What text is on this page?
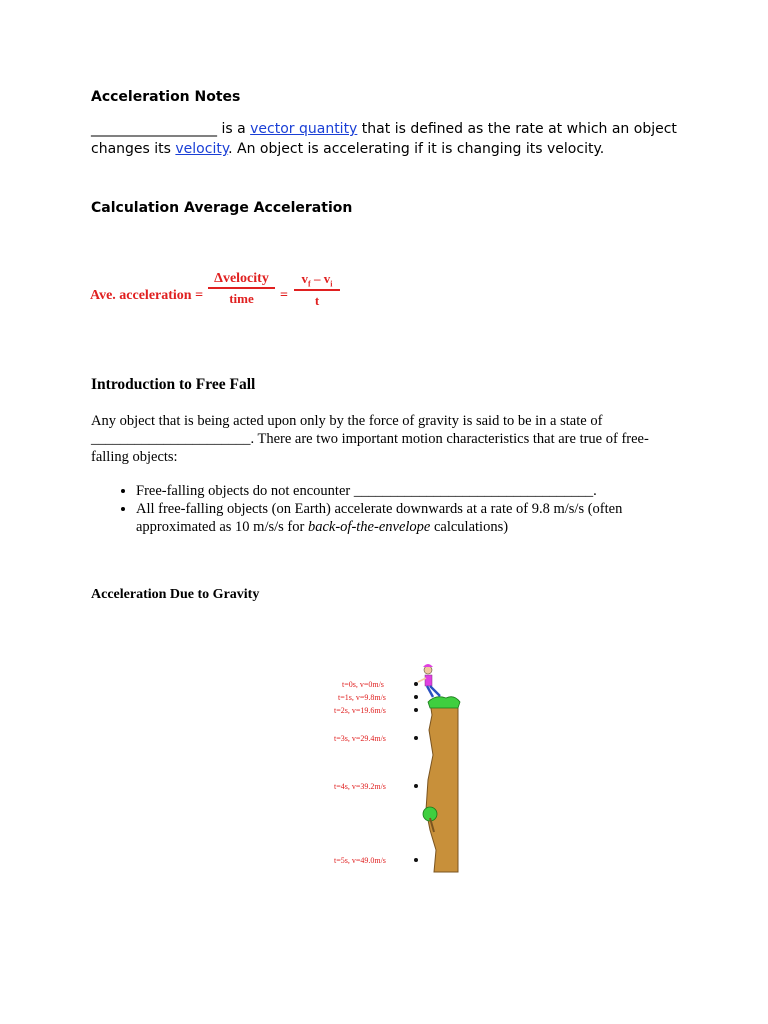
Acceleration Notes

__________________ is a vector quantity that is defined as the rate at which an object changes its velocity. An object is accelerating if it is changing its velocity.

Calculation Average Acceleration
Ave. acceleration =
Δvelocity
time	=
$v_f - v_i$
t
Introduction to Free Fall

Any object that is being acted upon only by the force of gravity is said to be in a state of ______________________. There are two important motion characteristics that are true of free-falling objects:

• Free-falling objects do not encounter _________________________________.
• All free-falling objects (on Earth) accelerate downwards at a rate of 9.8 m/s/s (often approximated as 10 m/s/s for back-of-the-envelope calculations)
Acceleration Due to Gravity
t=0s, v=0m/s
t=1s, v=9.8m/s
t=2s, v=19.6m/s
t=3s, v=29.4m/s
t=4s, v=39.2m/s
t=5s, v=49.0m/s
